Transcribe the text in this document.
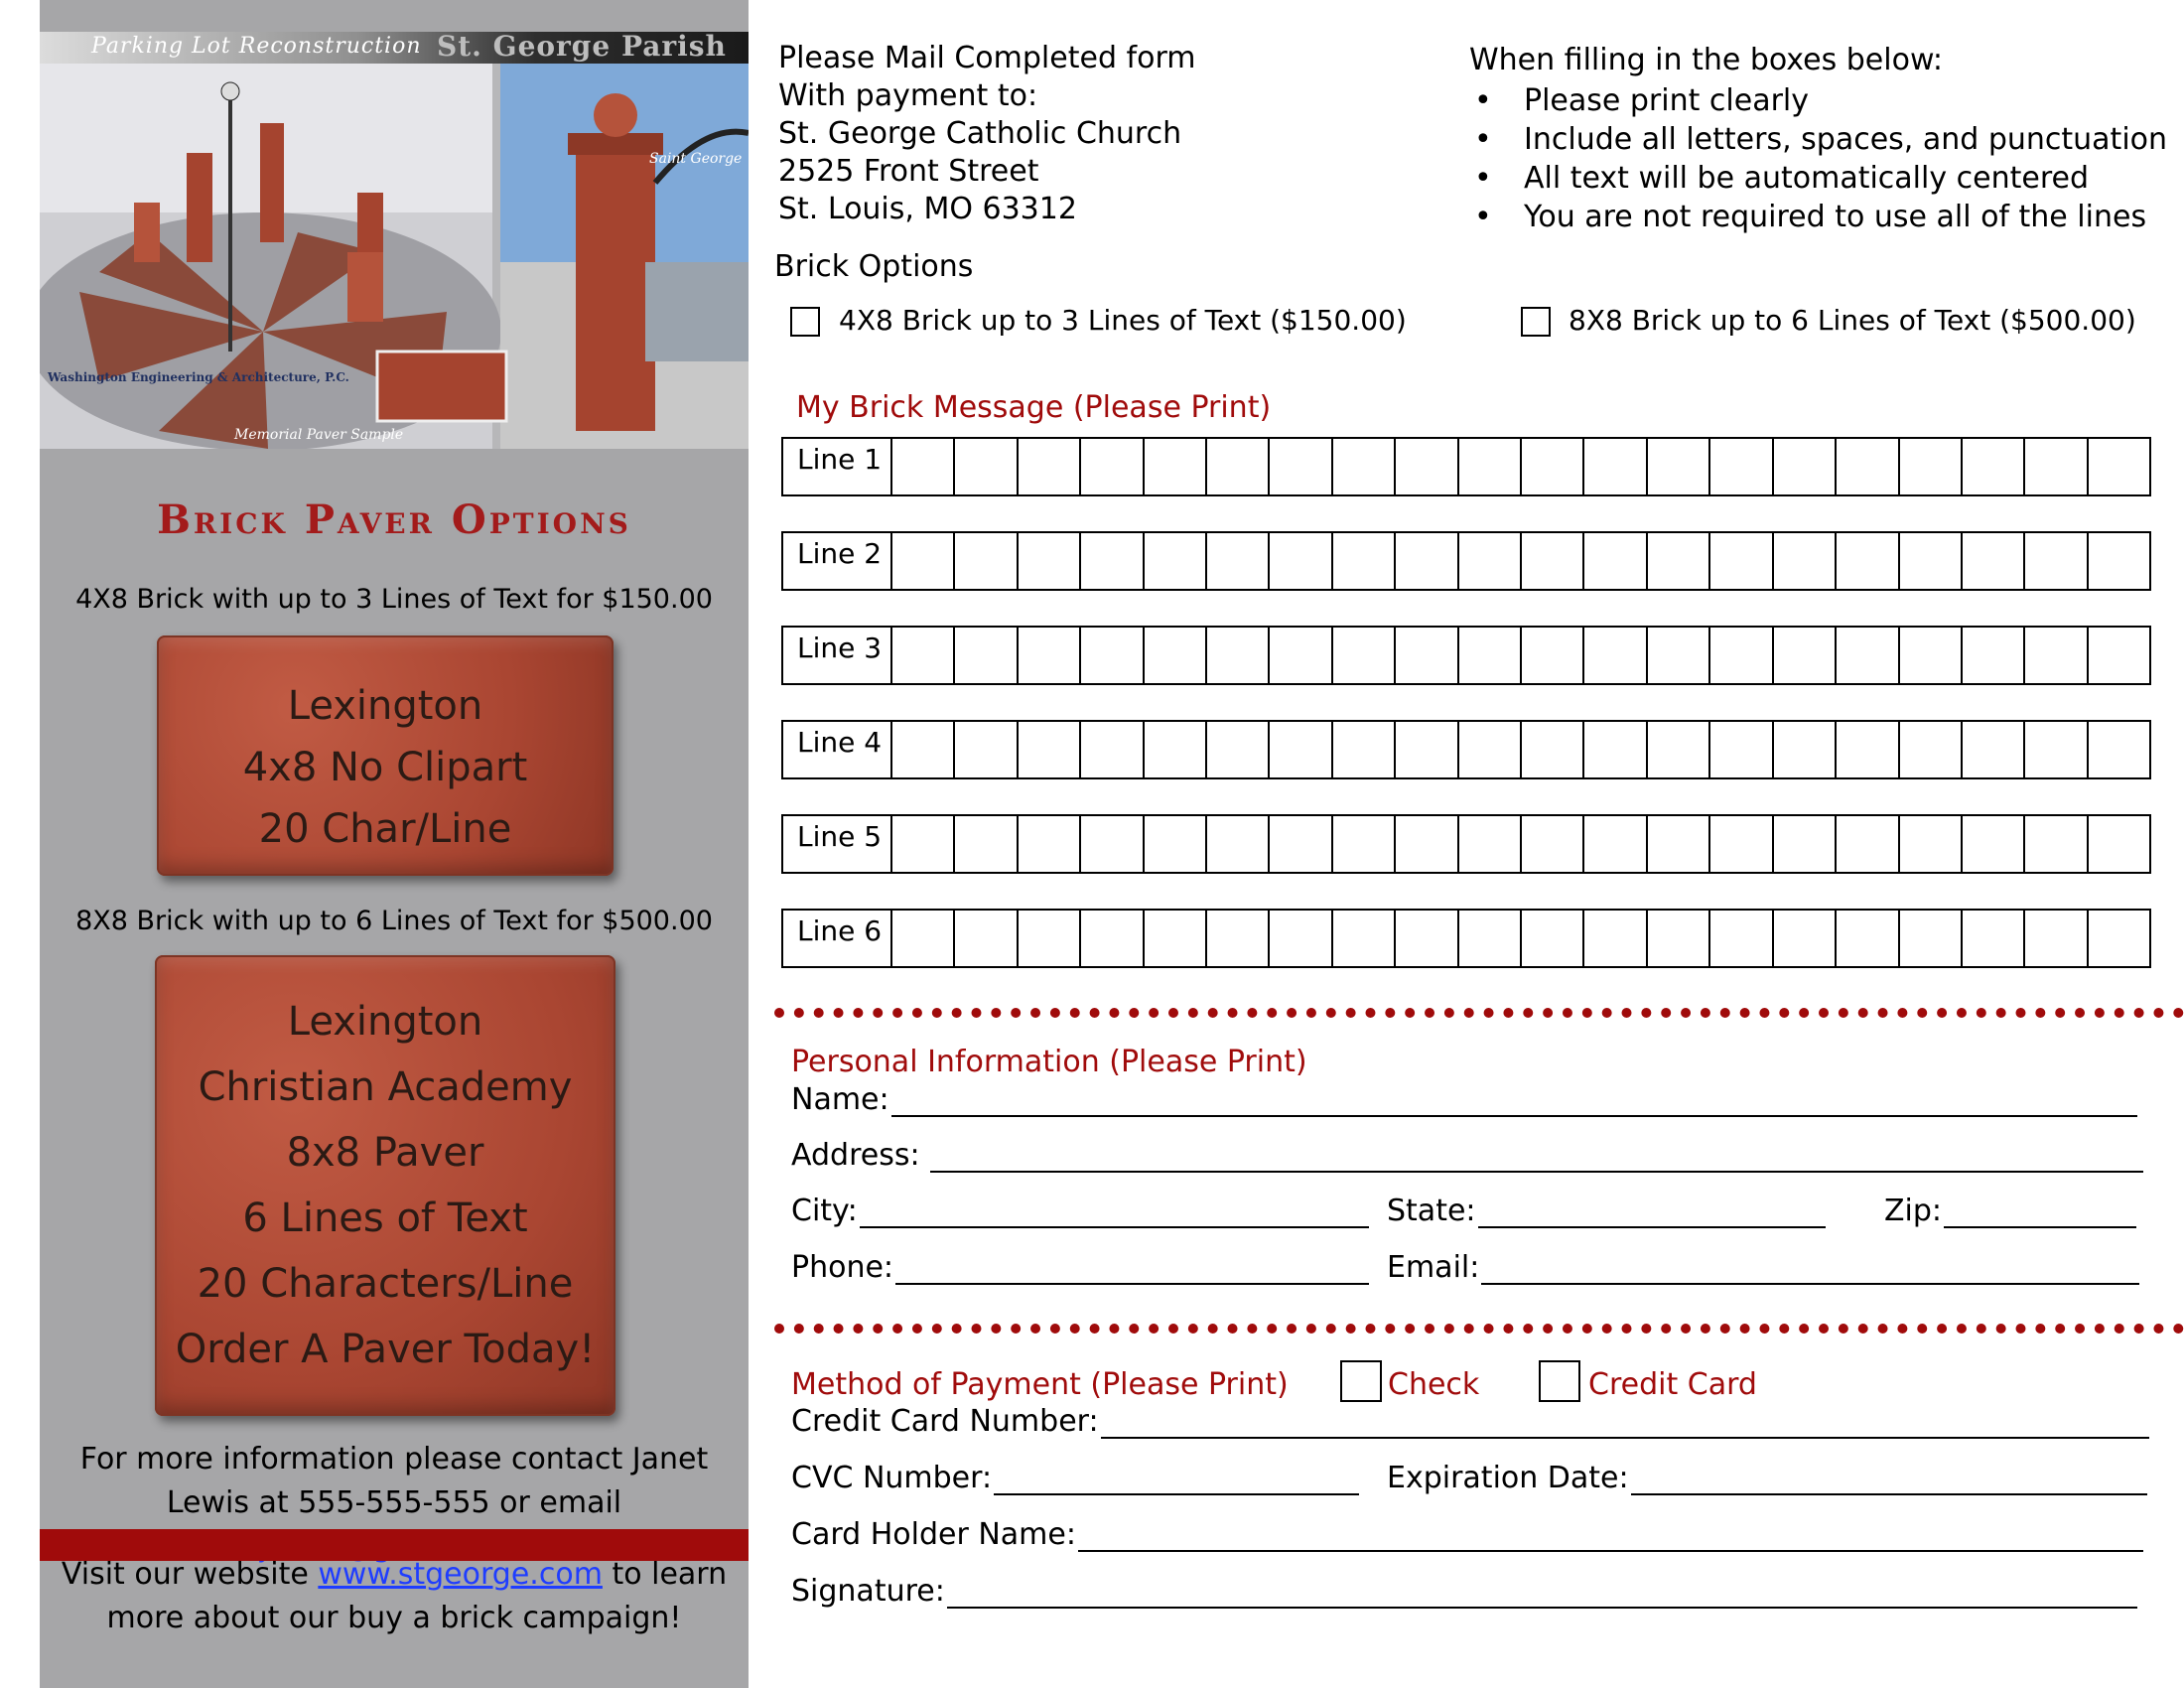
Parking Lot Reconstruction St. George Parish
Washington Engineering & Architecture, P.C.
Memorial Paver Sample
Saint George
Brick Paver Options
4X8 Brick with up to 3 Lines of Text for $150.00
Lexington
4x8 No Clipart
20 Char/Line
8X8 Brick with up to 6 Lines of Text for $500.00
Lexington
Christian Academy
8x8 Paver
6 Lines of Text
20 Characters/Line
Order A Paver Today!
For more information please contact Janet Lewis at 555-555-555 or email
Visit our website www.stgeorge.com to learn more about our buy a brick campaign!
Please Mail Completed form
With payment to:
St. George Catholic Church
2525 Front Street
St. Louis, MO 63312
When filling in the boxes below:
• Please print clearly
• Include all letters, spaces, and punctuation
• All text will be automatically centered
• You are not required to use all of the lines
Brick Options
4X8 Brick up to 3 Lines of Text ($150.00)	8X8 Brick up to 6 Lines of Text ($500.00)
My Brick Message (Please Print)
Line 1
Line 2
Line 3
Line 4
Line 5
Line 6
Personal Information (Please Print)
Name:
Address:
City:	State:	Zip:
Phone:	Email:
Method of Payment (Please Print)	Check	Credit Card
Credit Card Number:
CVC Number:	Expiration Date:
Card Holder Name:
Signature:
